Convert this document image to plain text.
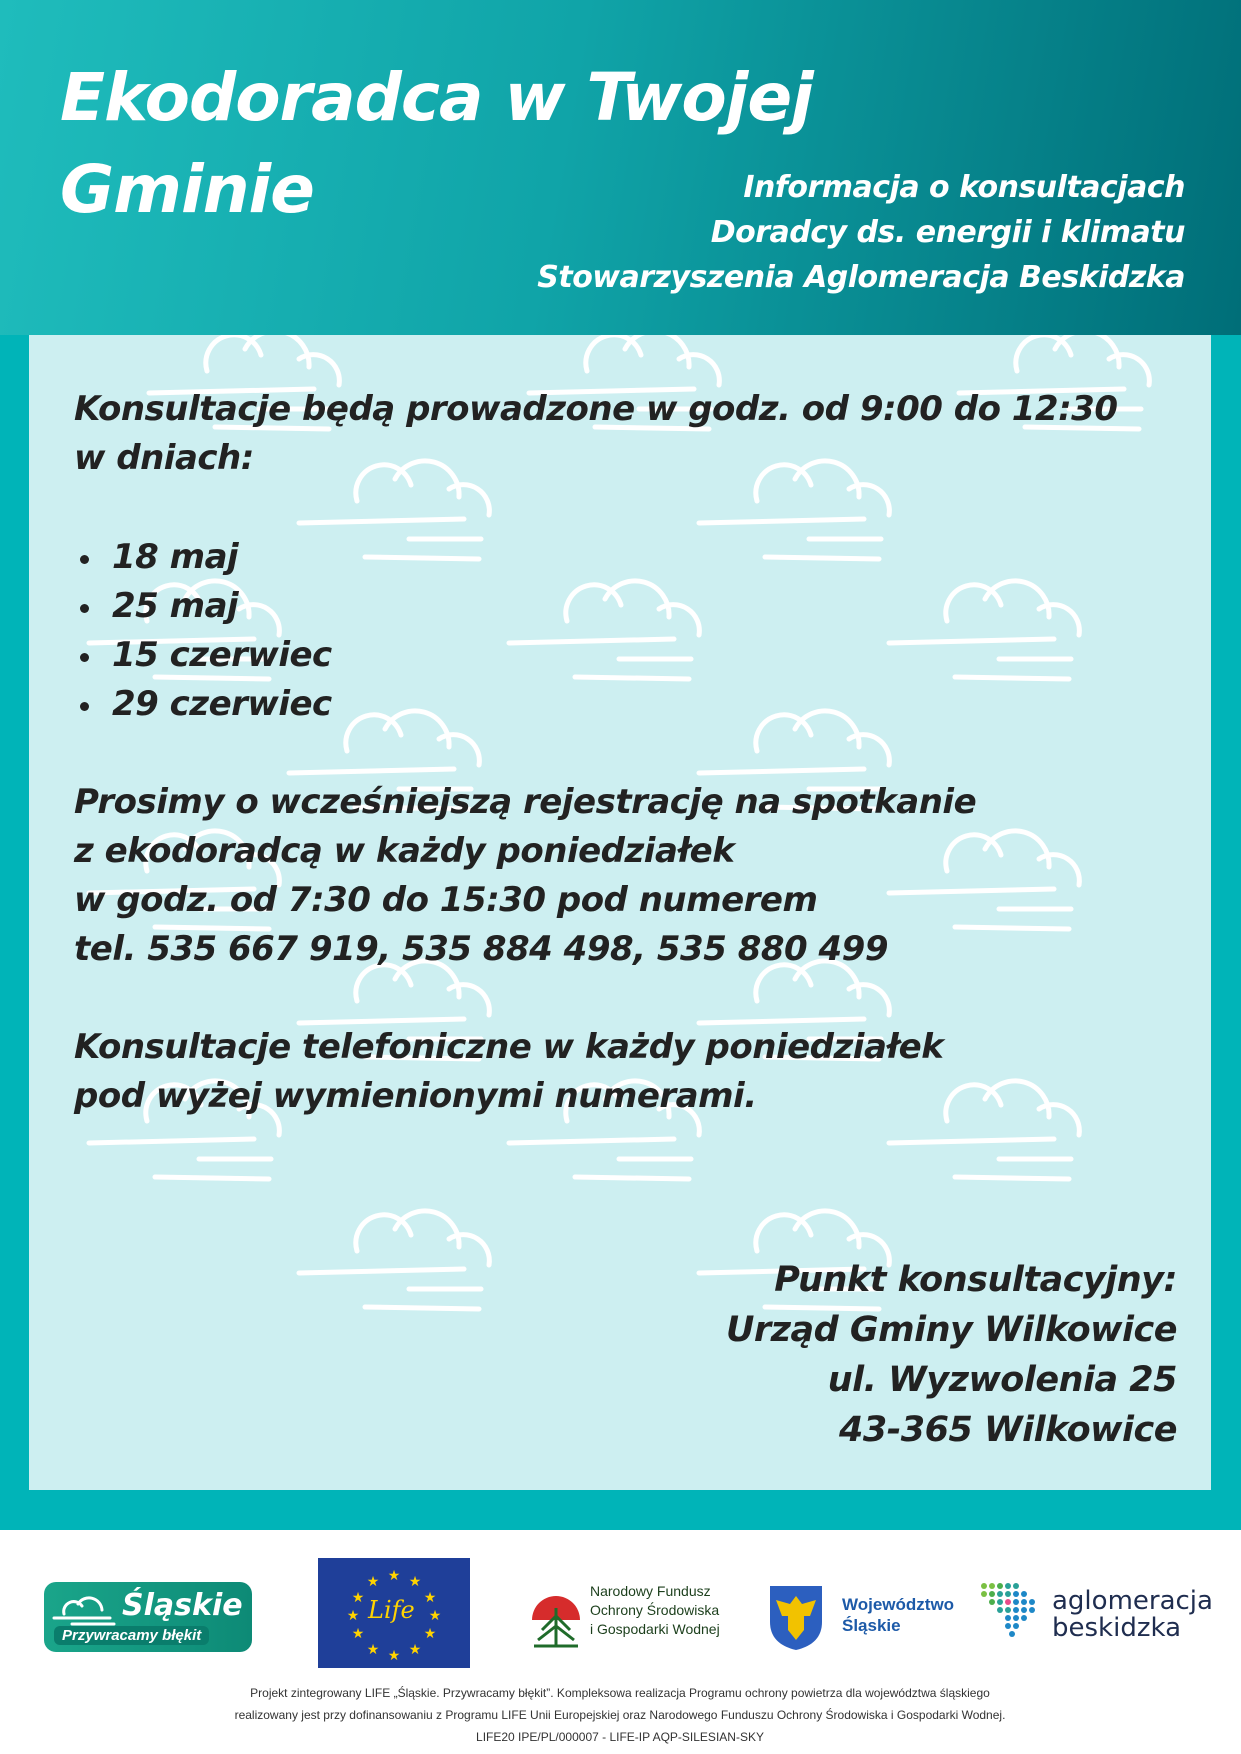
Ekodoradca w Twojej
Gminie	Informacja o konsultacjach
Doradcy ds. energii i klimatu
Stowarzyszenia Aglomeracja Beskidzka

Konsultacje będą prowadzone w godz. od 9:00 do 12:30
w dniach:

18 maj
25 maj
15 czerwiec
29 czerwiec

Prosimy o wcześniejszą rejestrację na spotkanie
z ekodoradcą w każdy poniedziałek
w godz. od 7:30 do 15:30 pod numerem
tel. 535 667 919, 535 884 498, 535 880 499

Konsultacje telefoniczne w każdy poniedziałek
pod wyżej wymienionymi numerami.

Punkt konsultacyjny:
Urząd Gminy Wilkowice
ul. Wyzwolenia 25
43-365 Wilkowice
Śląskie
Przywracamy błękit
★ ★
★
★
★
★
★
★
★
★
★
★
Life
Narodowy Fundusz
Ochrony Środowiska
i Gospodarki Wodnej
Województwo
Śląskie
aglomeracja
beskidzka
Projekt zintegrowany LIFE „Śląskie. Przywracamy błękit”. Kompleksowa realizacja Programu ochrony powietrza dla województwa śląskiego
realizowany jest przy dofinansowaniu z Programu LIFE Unii Europejskiej oraz Narodowego Funduszu Ochrony Środowiska i Gospodarki Wodnej.
LIFE20 IPE/PL/000007 - LIFE-IP AQP-SILESIAN-SKY
